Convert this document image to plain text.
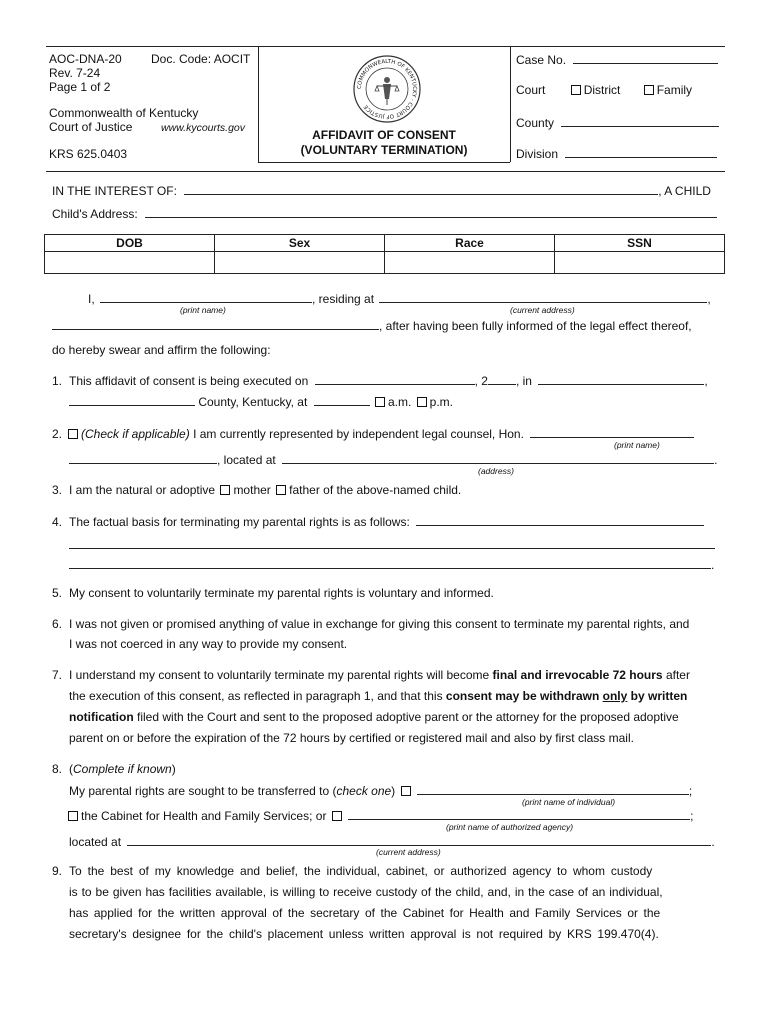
AOC-DNA-20 Doc. Code: AOCIT
Rev. 7-24
Page 1 of 2
Commonwealth of Kentucky
Court of Justice	www.kycourts.gov
KRS 625.0403
COMMONWEALTH OF KENTUCKY · COURT OF JUSTICE
AFFIDAVIT OF CONSENT
(VOLUNTARY TERMINATION)
Case No.
Court	District	Family
County
Division
IN THE INTEREST OF:	, A CHILD
Child's Address:
DOB	Sex	Race	SSN

I,	, residing at	,
(print name)	(current address)
, after having been fully informed of the legal effect thereof,
do hereby swear and affirm the following:
1. This affidavit of consent is being executed on	, 2 , in	,
County, Kentucky, at	a.m. p.m.
2. (Check if applicable) I am currently represented by independent legal counsel, Hon.
(print name)
, located at	.
(address)
3. I am the natural or adoptive mother father of the above-named child.
4. The factual basis for terminating my parental rights is as follows:
.
5. My consent to voluntarily terminate my parental rights is voluntary and informed.
6. I was not given or promised anything of value in exchange for giving this consent to terminate my parental rights, and
I was not coerced in any way to provide my consent.
7. I understand my consent to voluntarily terminate my parental rights will become final and irrevocable 72 hours after
the execution of this consent, as reflected in paragraph 1, and that this consent may be withdrawn only by written
notification filed with the Court and sent to the proposed adoptive parent or the attorney for the proposed adoptive
parent on or before the expiration of the 72 hours by certified or registered mail and also by first class mail.
8. (Complete if known)
My parental rights are sought to be transferred to (check one)	;
(print name of individual)
the Cabinet for Health and Family Services; or	;
(print name of authorized agency)
located at	.
(current address)
9. To the best of my knowledge and belief, the individual, cabinet, or authorized agency to whom custody
is to be given has facilities available, is willing to receive custody of the child, and, in the case of an individual,
has applied for the written approval of the secretary of the Cabinet for Health and Family Services or the
secretary's designee for the child's placement unless written approval is not required by KRS 199.470(4).
